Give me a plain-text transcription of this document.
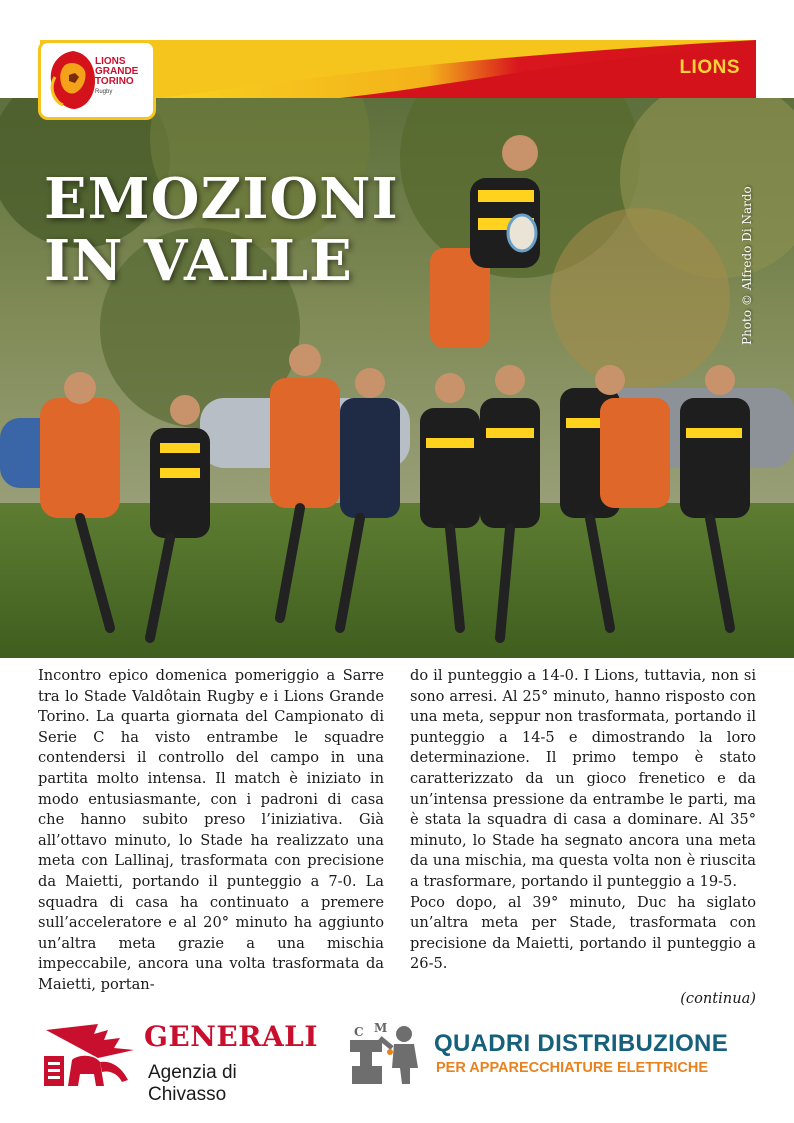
LIONS
LIONS
GRANDE
TORINO
Rugby
EMOZIONI
IN VALLE	Photo © Alfredo Di Nardo

Incontro epico domenica pomeriggio a Sarre tra lo Stade Valdôtain Rugby e i Lions Grande Torino. La quarta giornata del Campionato di Serie C ha visto entrambe le squadre contendersi il controllo del campo in una partita molto intensa. Il match è iniziato in modo entusiasmante, con i padroni di casa che hanno subito preso l’iniziativa. Già all’ottavo minuto, lo Stade ha realizzato una meta con Lallinaj, trasformata con precisione da Maietti, portando il punteggio a 7-0. La squadra di casa ha continuato a premere sull’acceleratore e al 20° minuto ha aggiunto un’altra meta grazie a una mischia impeccabile, ancora una volta trasformata da Maietti, portan-

do il punteggio a 14-0. I Lions, tuttavia, non si sono arresi. Al 25° minuto, hanno risposto con una meta, seppur non trasformata, portando il punteggio a 14-5 e dimostrando la loro determinazione. Il primo tempo è stato caratterizzato da un gioco frenetico e da un’intensa pressione da entrambe le parti, ma è stata la squadra di casa a dominare. Al 35° minuto, lo Stade ha segnato ancora una meta da una mischia, ma questa volta non è riuscita a trasformare, portando il punteggio a 19-5.

Poco dopo, al 39° minuto, Duc ha siglato un’altra meta per Stade, trasformata con precisione da Maietti, portando il punteggio a 26-5.

(continua)
GENERALI
Agenzia di Chivasso
C M
QUADRI DISTRIBUZIONE
PER APPARECCHIATURE ELETTRICHE
